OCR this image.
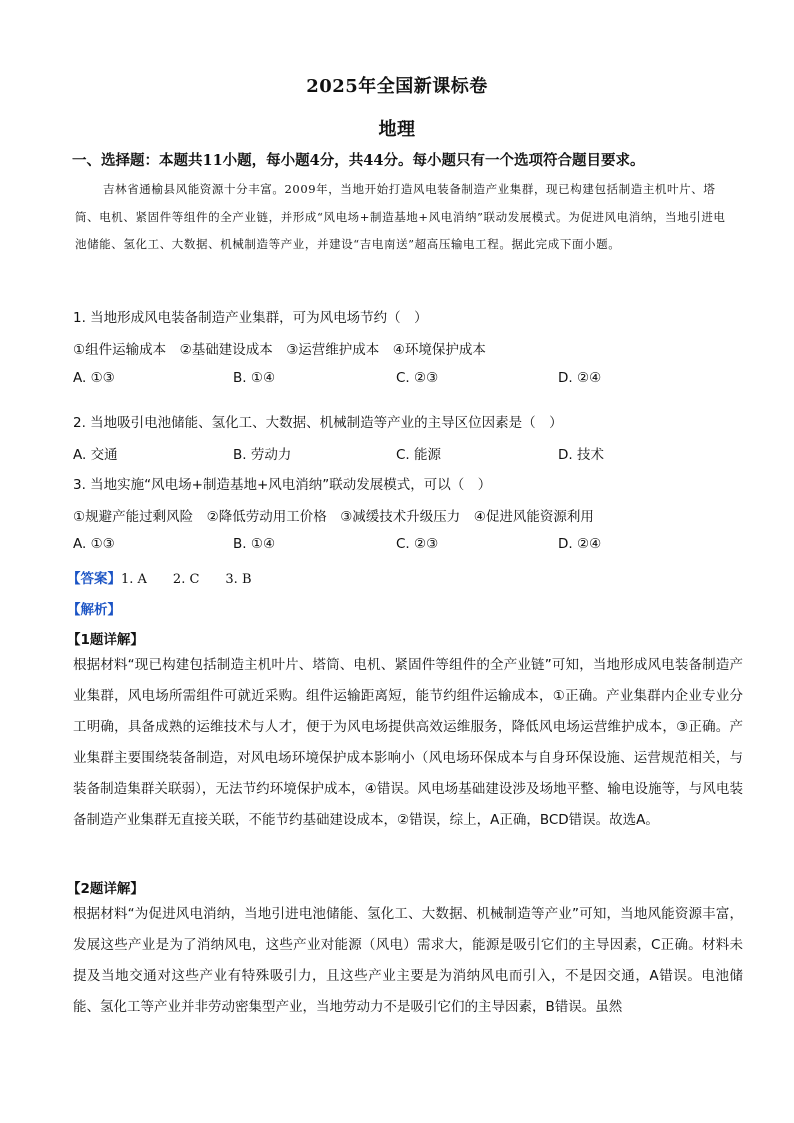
2025年全国新课标卷
地理
一、选择题：本题共11小题，每小题4分，共44分。每小题只有一个选项符合题目要求。
吉林省通榆县风能资源十分丰富。2009年，当地开始打造风电装备制造产业集群，现已构建包括制造主机叶片、塔筒、电机、紧固件等组件的全产业链，并形成“风电场+制造基地+风电消纳”联动发展模式。为促进风电消纳，当地引进电池储能、氢化工、大数据、机械制造等产业，并建设“吉电南送”超高压输电工程。据此完成下面小题。
1. 当地形成风电装备制造产业集群，可为风电场节约（　）
①组件运输成本　②基础建设成本　③运营维护成本　④环境保护成本
A. ①③	B. ①④	C. ②③	D. ②④
2. 当地吸引电池储能、氢化工、大数据、机械制造等产业的主导区位因素是（　）
A. 交通	B. 劳动力	C. 能源	D. 技术
3. 当地实施“风电场+制造基地+风电消纳”联动发展模式，可以（　）
①规避产能过剩风险　②降低劳动用工价格　③减缓技术升级压力　④促进风能资源利用
A. ①③	B. ①④	C. ②③	D. ②④
【答案】1. A　　2. C　　3. B
【解析】
【1题详解】
根据材料“现已构建包括制造主机叶片、塔筒、电机、紧固件等组件的全产业链”可知，当地形成风电装备制造产业集群，风电场所需组件可就近采购。组件运输距离短，能节约组件运输成本，①正确。产业集群内企业专业分工明确，具备成熟的运维技术与人才，便于为风电场提供高效运维服务，降低风电场运营维护成本，③正确。产业集群主要围绕装备制造，对风电场环境保护成本影响小（风电场环保成本与自身环保设施、运营规范相关，与装备制造集群关联弱），无法节约环境保护成本，④错误。风电场基础建设涉及场地平整、输电设施等，与风电装备制造产业集群无直接关联，不能节约基础建设成本，②错误，综上，A正确，BCD错误。故选A。
【2题详解】
根据材料“为促进风电消纳，当地引进电池储能、氢化工、大数据、机械制造等产业”可知，当地风能资源丰富，发展这些产业是为了消纳风电，这些产业对能源（风电）需求大，能源是吸引它们的主导因素，C正确。材料未提及当地交通对这些产业有特殊吸引力，且这些产业主要是为消纳风电而引入，不是因交通，A错误。电池储能、氢化工等产业并非劳动密集型产业，当地劳动力不是吸引它们的主导因素，B错误。虽然
